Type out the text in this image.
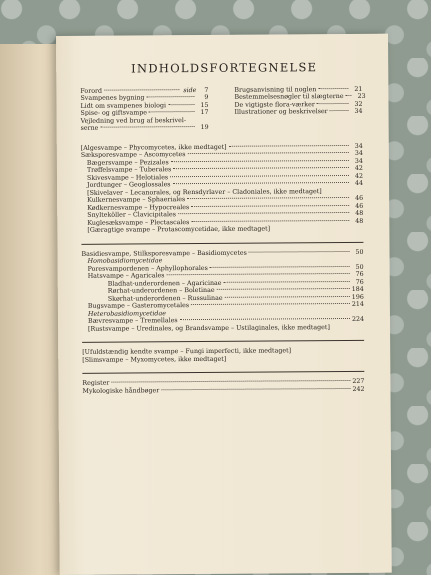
INDHOLDSFORTEGNELSE
Forord	side	7
Svampenes bygning	9
Lidt om svampenes biologi	15
Spise- og giftsvampe	17
Vejledning ved brug af beskrivel-
serne	19
Brugsanvisning til noglen	21
Bestemmelsesnøgler til slægterne	23
De vigtigste flora-værker	32
Illustrationer og beskrivelser	34
[Algesvampe – Phycomycetes, ikke medtaget]	34
Sæksporesvampe – Ascomycetes	34
Bægersvampe – Pezizales	34
Trøffelsvampe – Tuberales	42
Skivesvampe – Helotiales	42
Jordtunger – Geoglossales	44
[Skivelaver – Lecanorales, og Rensdyrlaver – Cladoniales, ikke medtaget]
Kulkernesvampe – Sphaeriales	46
Kødkernesvampe – Hypocreales	46
Snylteköller – Clavicipitales	48
Kuglesæksvampe – Plectascales	48
[Gæragtige svampe – Protascomycetidae, ikke medtaget]
Basidiesvampe, Stilksporesvampe – Basidiomycetes	50
Homobasidiomycetidae
Poresvampordenen – Aphyllophorales	50
Hatsvampe – Agaricales	76
Bladhat-underordenen – Agaricinae	76
Rørhat-underordenen – Boletinae	184
Skørhat-underordenen – Russulinae	196
Bugsvampe – Gasteromycetales	214
Heterobasidiomycetidae
Bævresvampe – Tremellales	224
[Rustsvampe – Uredinales, og Brandsvampe – Ustilaginales, ikke medtaget]
[Ufuldstændig kendte svampe – Fungi imperfecti, ikke medtaget]
[Slimsvampe – Myxomycetes, ikke medtaget]
Register	227
Mykologiske håndbøger	242
